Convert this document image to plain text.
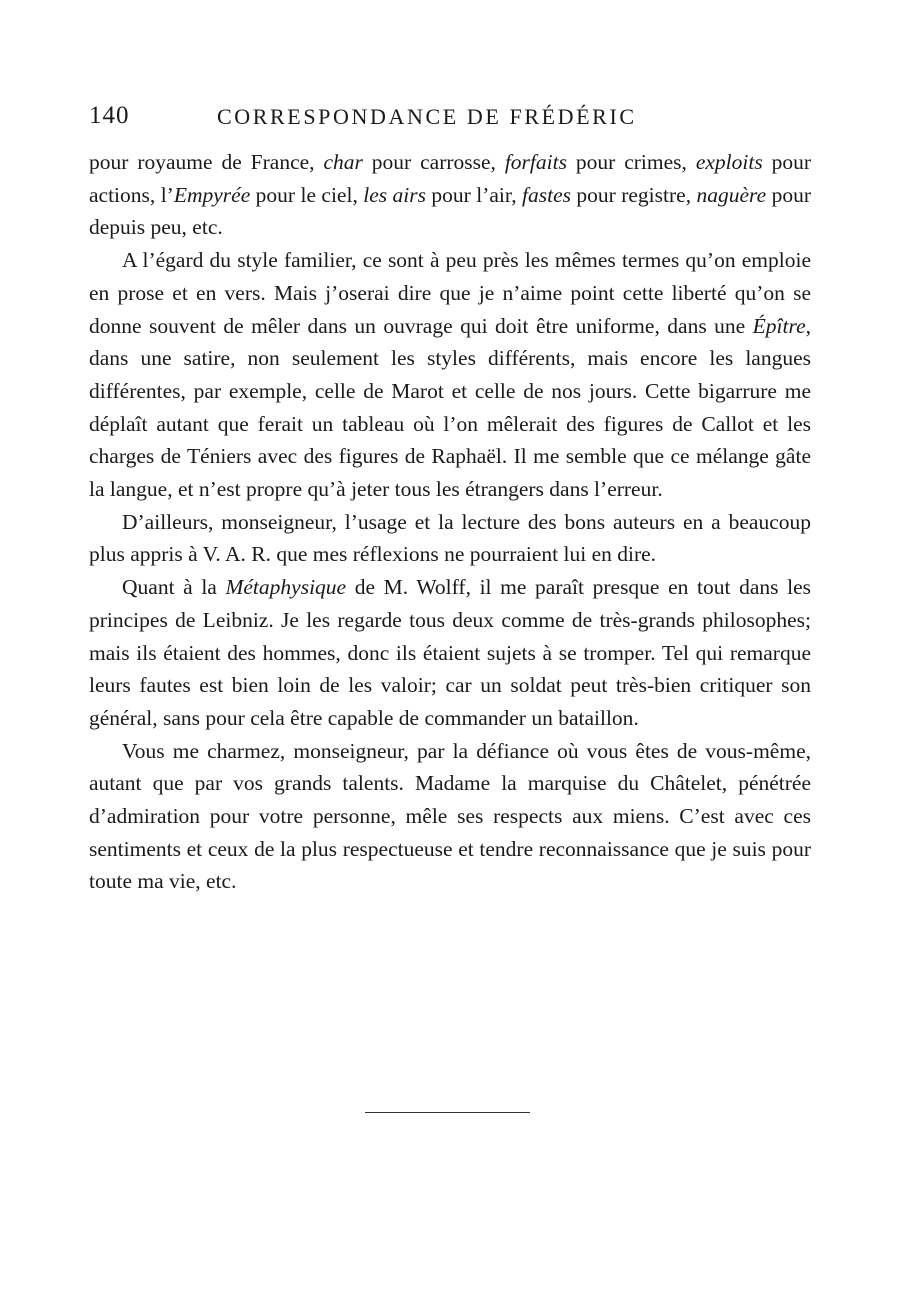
140	CORRESPONDANCE DE FRÉDÉRIC

pour royaume de France, char pour carrosse, forfaits pour crimes, exploits pour actions, l’Empyrée pour le ciel, les airs pour l’air, fastes pour registre, naguère pour depuis peu, etc.

A l’égard du style familier, ce sont à peu près les mêmes termes qu’on emploie en prose et en vers. Mais j’oserai dire que je n’aime point cette liberté qu’on se donne souvent de mêler dans un ouvrage qui doit être uniforme, dans une Épître, dans une satire, non seulement les styles différents, mais encore les langues différentes, par exemple, celle de Marot et celle de nos jours. Cette bigarrure me déplaît autant que ferait un tableau où l’on mêlerait des figures de Callot et les charges de Téniers avec des figures de Raphaël. Il me semble que ce mélange gâte la langue, et n’est propre qu’à jeter tous les étrangers dans l’erreur.

D’ailleurs, monseigneur, l’usage et la lecture des bons auteurs en a beaucoup plus appris à V. A. R. que mes réflexions ne pourraient lui en dire.

Quant à la Métaphysique de M. Wolff, il me paraît presque en tout dans les principes de Leibniz. Je les regarde tous deux comme de très-grands philosophes; mais ils étaient des hommes, donc ils étaient sujets à se tromper. Tel qui remarque leurs fautes est bien loin de les valoir; car un soldat peut très-bien critiquer son général, sans pour cela être capable de commander un bataillon.

Vous me charmez, monseigneur, par la défiance où vous êtes de vous-même, autant que par vos grands talents. Madame la marquise du Châtelet, pénétrée d’admiration pour votre personne, mêle ses respects aux miens. C’est avec ces sentiments et ceux de la plus respectueuse et tendre reconnaissance que je suis pour toute ma vie, etc.
